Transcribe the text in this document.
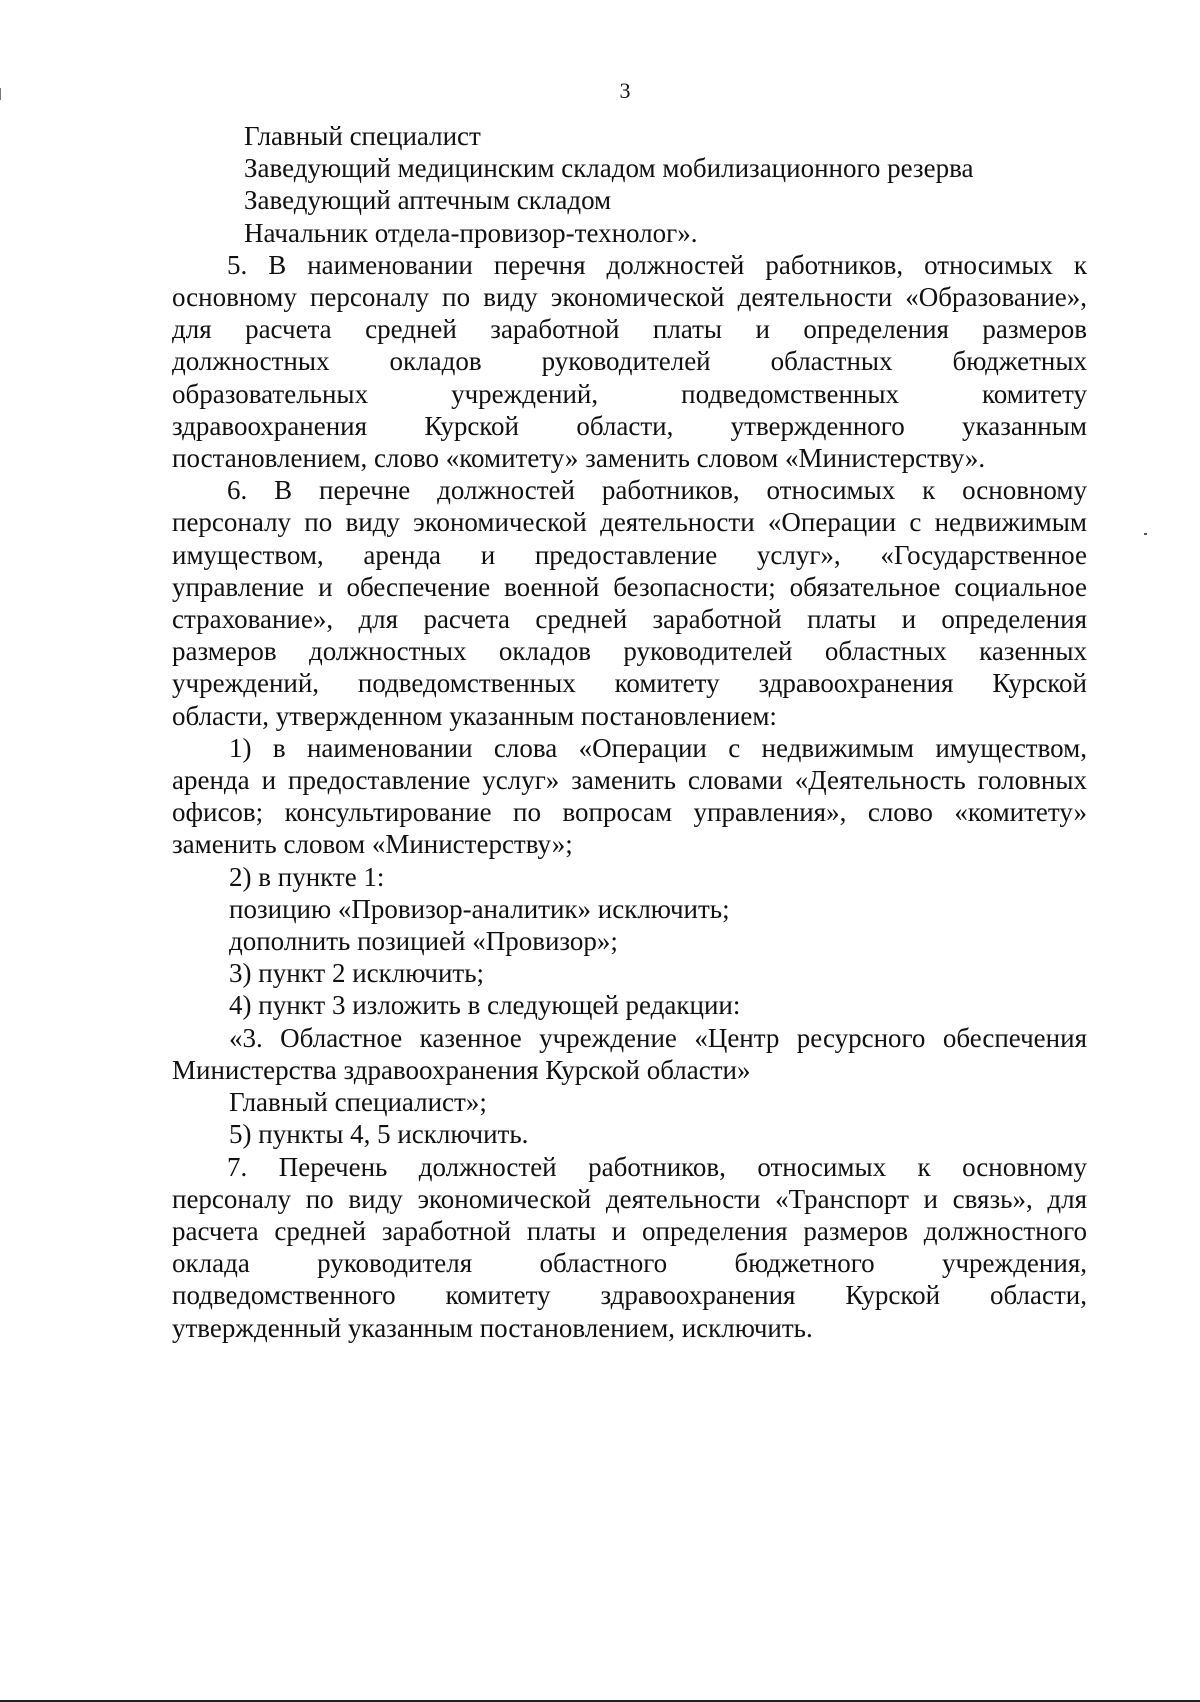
3
Главный специалист
Заведующий медицинским складом мобилизационного резерва
Заведующий аптечным складом
Начальник отдела-провизор-технолог».
5. В наименовании перечня должностей работников, относимых к
основному персоналу по виду экономической деятельности «Образование»,
для расчета средней заработной платы и определения размеров
должностных окладов руководителей областных бюджетных
образовательных учреждений, подведомственных комитету
здравоохранения Курской области, утвержденного указанным
постановлением, слово «комитету» заменить словом «Министерству».
6. В перечне должностей работников, относимых к основному
персоналу по виду экономической деятельности «Операции с недвижимым
имуществом, аренда и предоставление услуг», «Государственное
управление и обеспечение военной безопасности; обязательное социальное
страхование», для расчета средней заработной платы и определения
размеров должностных окладов руководителей областных казенных
учреждений, подведомственных комитету здравоохранения Курской
области, утвержденном указанным постановлением:
1) в наименовании слова «Операции с недвижимым имуществом,
аренда и предоставление услуг» заменить словами «Деятельность головных
офисов; консультирование по вопросам управления», слово «комитету»
заменить словом «Министерству»;
2) в пункте 1:
позицию «Провизор-аналитик» исключить;
дополнить позицией «Провизор»;
3) пункт 2 исключить;
4) пункт 3 изложить в следующей редакции:
«3. Областное казенное учреждение «Центр ресурсного обеспечения
Министерства здравоохранения Курской области»
Главный специалист»;
5) пункты 4, 5 исключить.
7. Перечень должностей работников, относимых к основному
персоналу по виду экономической деятельности «Транспорт и связь», для
расчета средней заработной платы и определения размеров должностного
оклада руководителя областного бюджетного учреждения,
подведомственного комитету здравоохранения Курской области,
утвержденный указанным постановлением, исключить.
